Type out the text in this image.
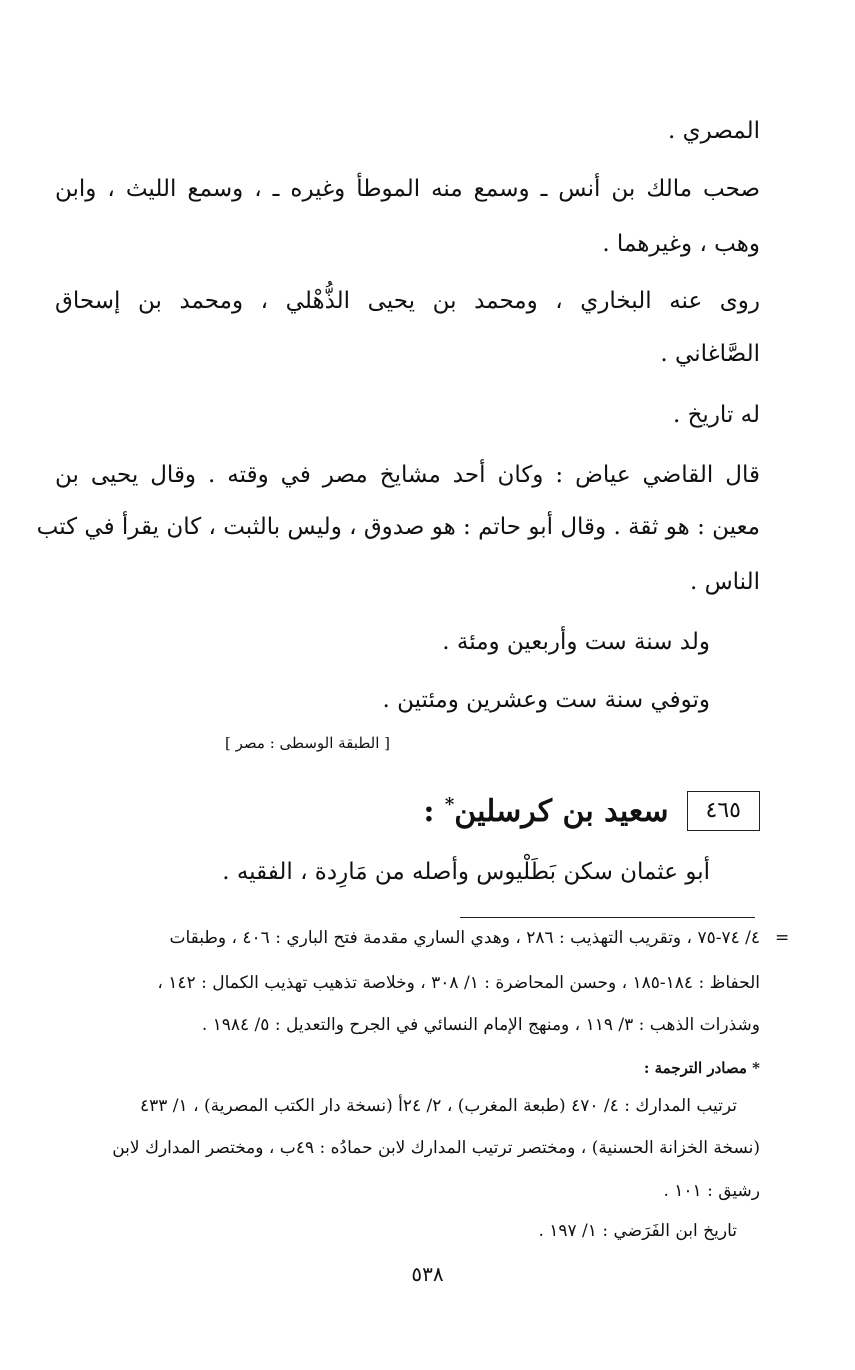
المصري .
صحب مالك بن أنس ـ وسمع منه الموطأ وغيره ـ ، وسمع الليث ، وابن
وهب ، وغيرهما .
روى عنه البخاري ، ومحمد بن يحيى الذُّهْلي ، ومحمد بن إسحاق
الصَّاغاني .
له تاريخ .
قال القاضي عياض : وكان أحد مشايخ مصر في وقته . وقال يحيى بن
معين : هو ثقة . وقال أبو حاتم : هو صدوق ، وليس بالثبت ، كان يقرأ في كتب
الناس .
ولد سنة ست وأربعين ومئة .
وتوفي سنة ست وعشرين ومئتين .
[ الطبقة الوسطى : مصر ]
٤٦٥
سعيد بن كرسلين* :
أبو عثمان سكن بَطَلْيوس وأصله من مَارِدة ، الفقيه .
=
٤/ ٧٤-٧٥ ، وتقريب التهذيب : ٢٨٦ ، وهدي الساري مقدمة فتح الباري : ٤٠٦ ، وطبقات
الحفاظ : ١٨٤-١٨٥ ، وحسن المحاضرة : ١/ ٣٠٨ ، وخلاصة تذهيب تهذيب الكمال : ١٤٢ ،
وشذرات الذهب : ٣/ ١١٩ ، ومنهج الإمام النسائي في الجرح والتعديل : ٥/ ١٩٨٤ .
* مصادر الترجمة :
ترتيب المدارك : ٤/ ٤٧٠ (طبعة المغرب) ، ٢/ ٢٤أ (نسخة دار الكتب المصرية) ، ١/ ٤٣٣
(نسخة الخزانة الحسنية) ، ومختصر ترتيب المدارك لابن حمادُه : ٤٩ب ، ومختصر المدارك لابن
رشيق : ١٠١ .
تاريخ ابن الفَرَضي : ١/ ١٩٧ .
٥٣٨
